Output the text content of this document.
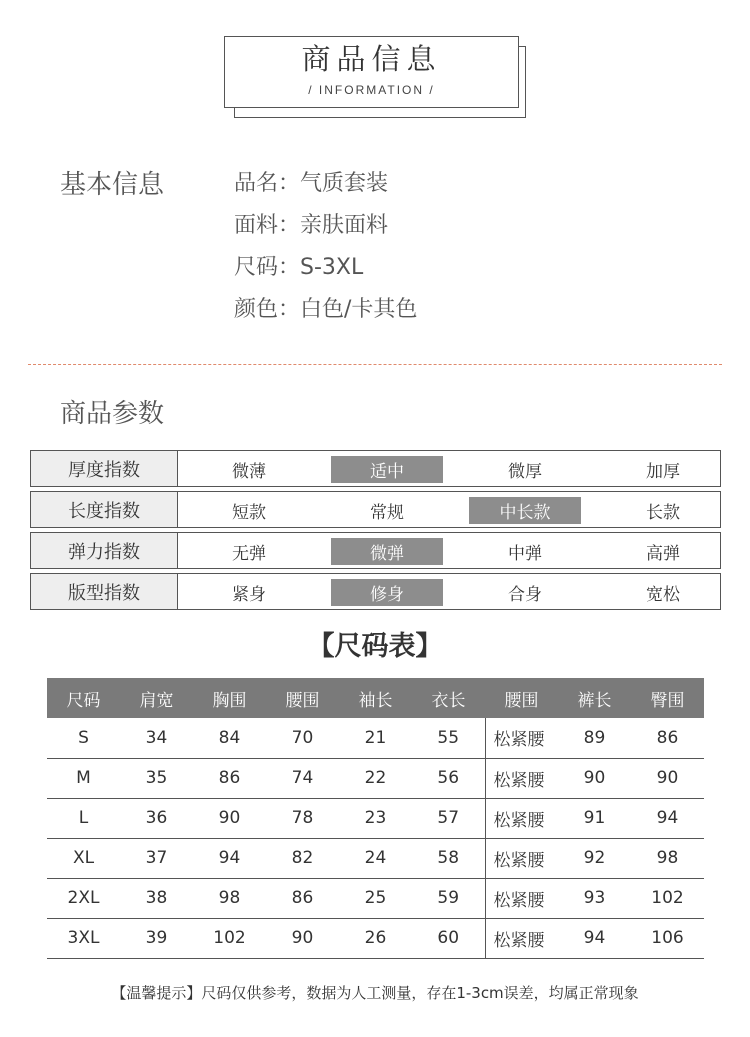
商品信息
/ INFORMATION /
基本信息	品名：气质套装
面料：亲肤面料
尺码：S-3XL
颜色：白色/卡其色
商品参数
厚度指数	微薄	适中	微厚	加厚
长度指数	短款	常规	中长款	长款
弹力指数	无弹	微弹	中弹	高弹
版型指数	紧身	修身	合身	宽松
【尺码表】
尺码	肩宽	胸围	腰围	袖长	衣长	腰围	裤长	臀围
S	34	84	70	21	55	松紧腰	89	86
M	35	86	74	22	56	松紧腰	90	90
L	36	90	78	23	57	松紧腰	91	94
XL	37	94	82	24	58	松紧腰	92	98
2XL	38	98	86	25	59	松紧腰	93	102
3XL	39	102	90	26	60	松紧腰	94	106
【温馨提示】尺码仅供参考，数据为人工测量，存在1-3cm误差，均属正常现象
